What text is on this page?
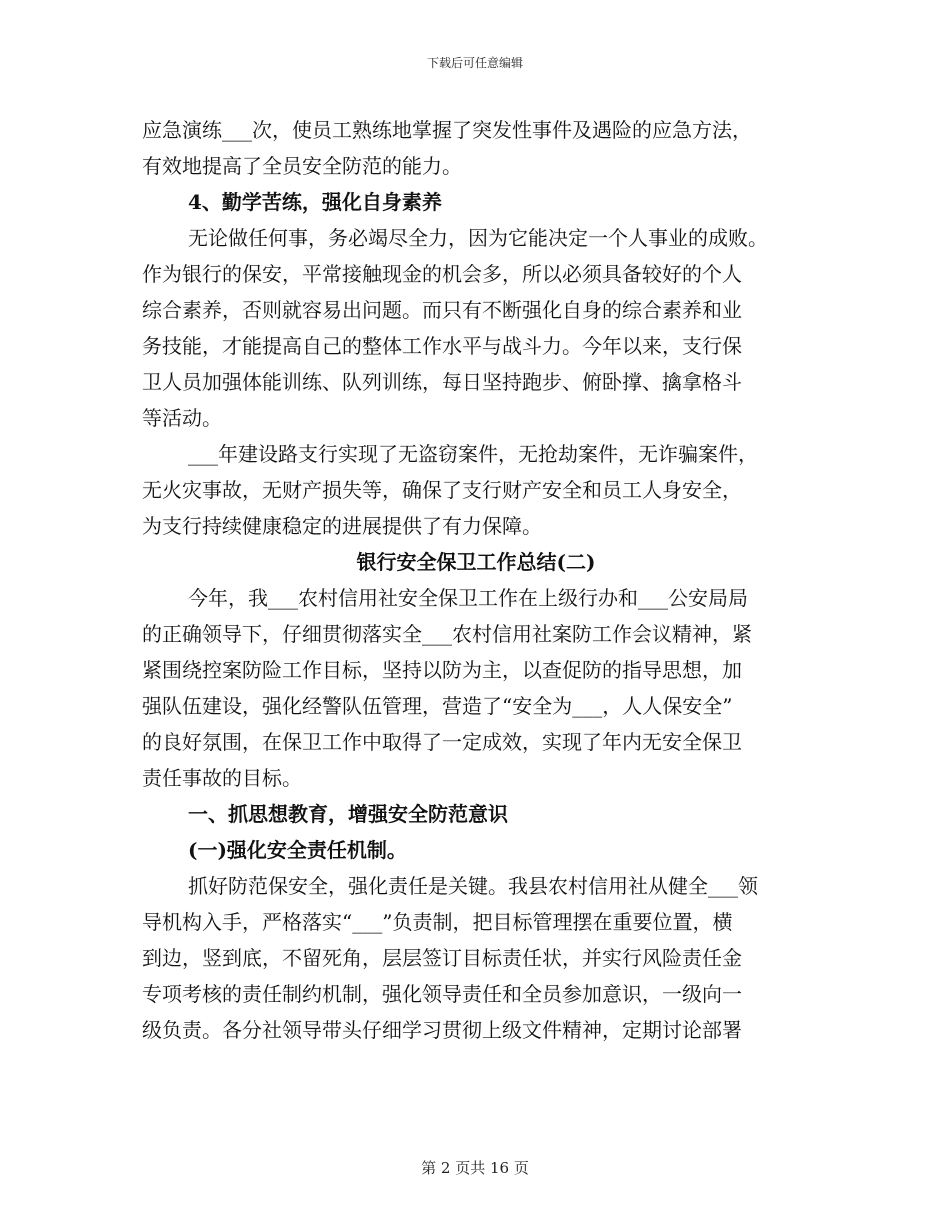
下载后可任意编辑
应急演练___次，使员工熟练地掌握了突发性事件及遇险的应急方法，
有效地提高了全员安全防范的能力。
4、勤学苦练，强化自身素养
无论做任何事，务必竭尽全力，因为它能决定一个人事业的成败。
作为银行的保安，平常接触现金的机会多，所以必须具备较好的个人
综合素养，否则就容易出问题。而只有不断强化自身的综合素养和业
务技能，才能提高自己的整体工作水平与战斗力。今年以来，支行保
卫人员加强体能训练、队列训练，每日坚持跑步、俯卧撑、擒拿格斗
等活动。
___年建设路支行实现了无盗窃案件，无抢劫案件，无诈骗案件，
无火灾事故，无财产损失等，确保了支行财产安全和员工人身安全，
为支行持续健康稳定的进展提供了有力保障。
银行安全保卫工作总结(二)
今年，我___农村信用社安全保卫工作在上级行办和___公安局局
的正确领导下，仔细贯彻落实全___农村信用社案防工作会议精神，紧
紧围绕控案防险工作目标，坚持以防为主，以查促防的指导思想，加
强队伍建设，强化经警队伍管理，营造了“安全为___，人人保安全”
的良好氛围，在保卫工作中取得了一定成效，实现了年内无安全保卫
责任事故的目标。
一、抓思想教育，增强安全防范意识
(一)强化安全责任机制。
抓好防范保安全，强化责任是关键。我县农村信用社从健全___领
导机构入手，严格落实“___”负责制，把目标管理摆在重要位置，横
到边，竖到底，不留死角，层层签订目标责任状，并实行风险责任金
专项考核的责任制约机制，强化领导责任和全员参加意识，一级向一
级负责。各分社领导带头仔细学习贯彻上级文件精神，定期讨论部署
第 2 页共 16 页
